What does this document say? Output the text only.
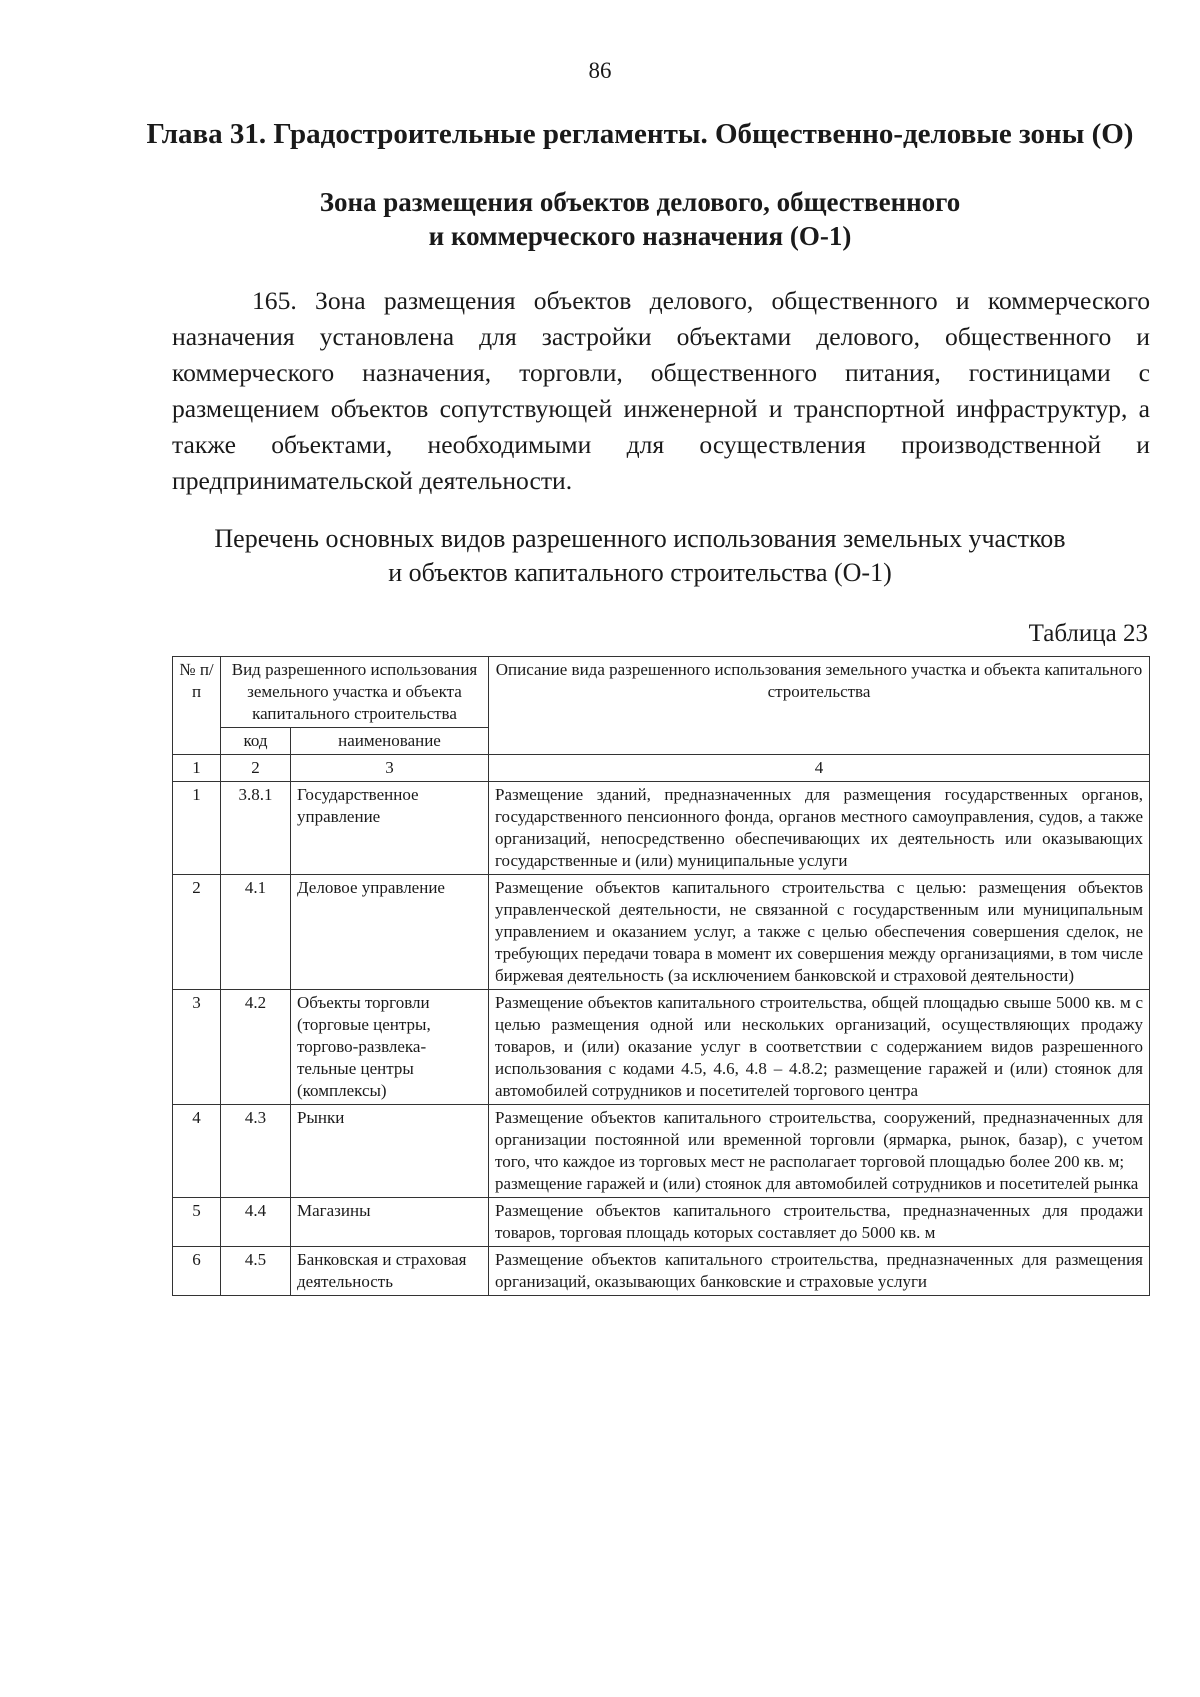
86
Глава 31. Градостроительные регламенты. Общественно-деловые зоны (О)
Зона размещения объектов делового, общественного
и коммерческого назначения (О-1)

165. Зона размещения объектов делового, общественного и коммерческого назначения установлена для застройки объектами делового, общественного и коммерческого назначения, торговли, общественного питания, гостиницами с размещением объектов сопутствующей инженерной и транспортной инфраструктур, а также объектами, необходимыми для осуществления производственной и предпринимательской деятельности.

Перечень основных видов разрешенного использования земельных участков
и объектов капитального строительства (О-1)
Таблица 23
№ п/п	Вид разрешенного использования земельного участка и объекта капитального строительства		Описание вида разрешенного использования земельного участка и объекта капитального строительства
	код	наименование	
1	2	3	4
1	3.8.1	Государственное управление	Размещение зданий, предназначенных для размещения государственных органов, государственного пенсионного фонда, органов местного самоуправления, судов, а также организаций, непосредственно обеспечивающих их деятельность или оказывающих государственные и (или) муниципальные услуги
2	4.1	Деловое управление	Размещение объектов капитального строительства с целью: размещения объектов управленческой деятельности, не связанной с государственным или муниципальным управлением и оказанием услуг, а также с целью обеспечения совершения сделок, не требующих передачи товара в момент их совершения между организациями, в том числе биржевая деятельность (за исключением банковской и страховой деятельности)
3	4.2	Объекты торговли (торговые центры, торгово-развлека-тельные центры (комплексы)	Размещение объектов капитального строительства, общей площадью свыше 5000 кв. м с целью размещения одной или нескольких организаций, осуществляющих продажу товаров, и (или) оказание услуг в соответствии с содержанием видов разрешенного использования с кодами 4.5, 4.6, 4.8 – 4.8.2; размещение гаражей и (или) стоянок для автомобилей сотрудников и посетителей торгового центра
4	4.3	Рынки	Размещение объектов капитального строительства, сооружений, предназначенных для организации постоянной или временной торговли (ярмарка, рынок, базар), с учетом того, что каждое из торговых мест не располагает торговой площадью более 200 кв. м;
размещение гаражей и (или) стоянок для автомобилей сотрудников и посетителей рынка
5	4.4	Магазины	Размещение объектов капитального строительства, предназначенных для продажи товаров, торговая площадь которых составляет до 5000 кв. м
6	4.5	Банковская и страховая деятельность	Размещение объектов капитального строительства, предназначенных для размещения организаций, оказывающих банковские и страховые услуги
